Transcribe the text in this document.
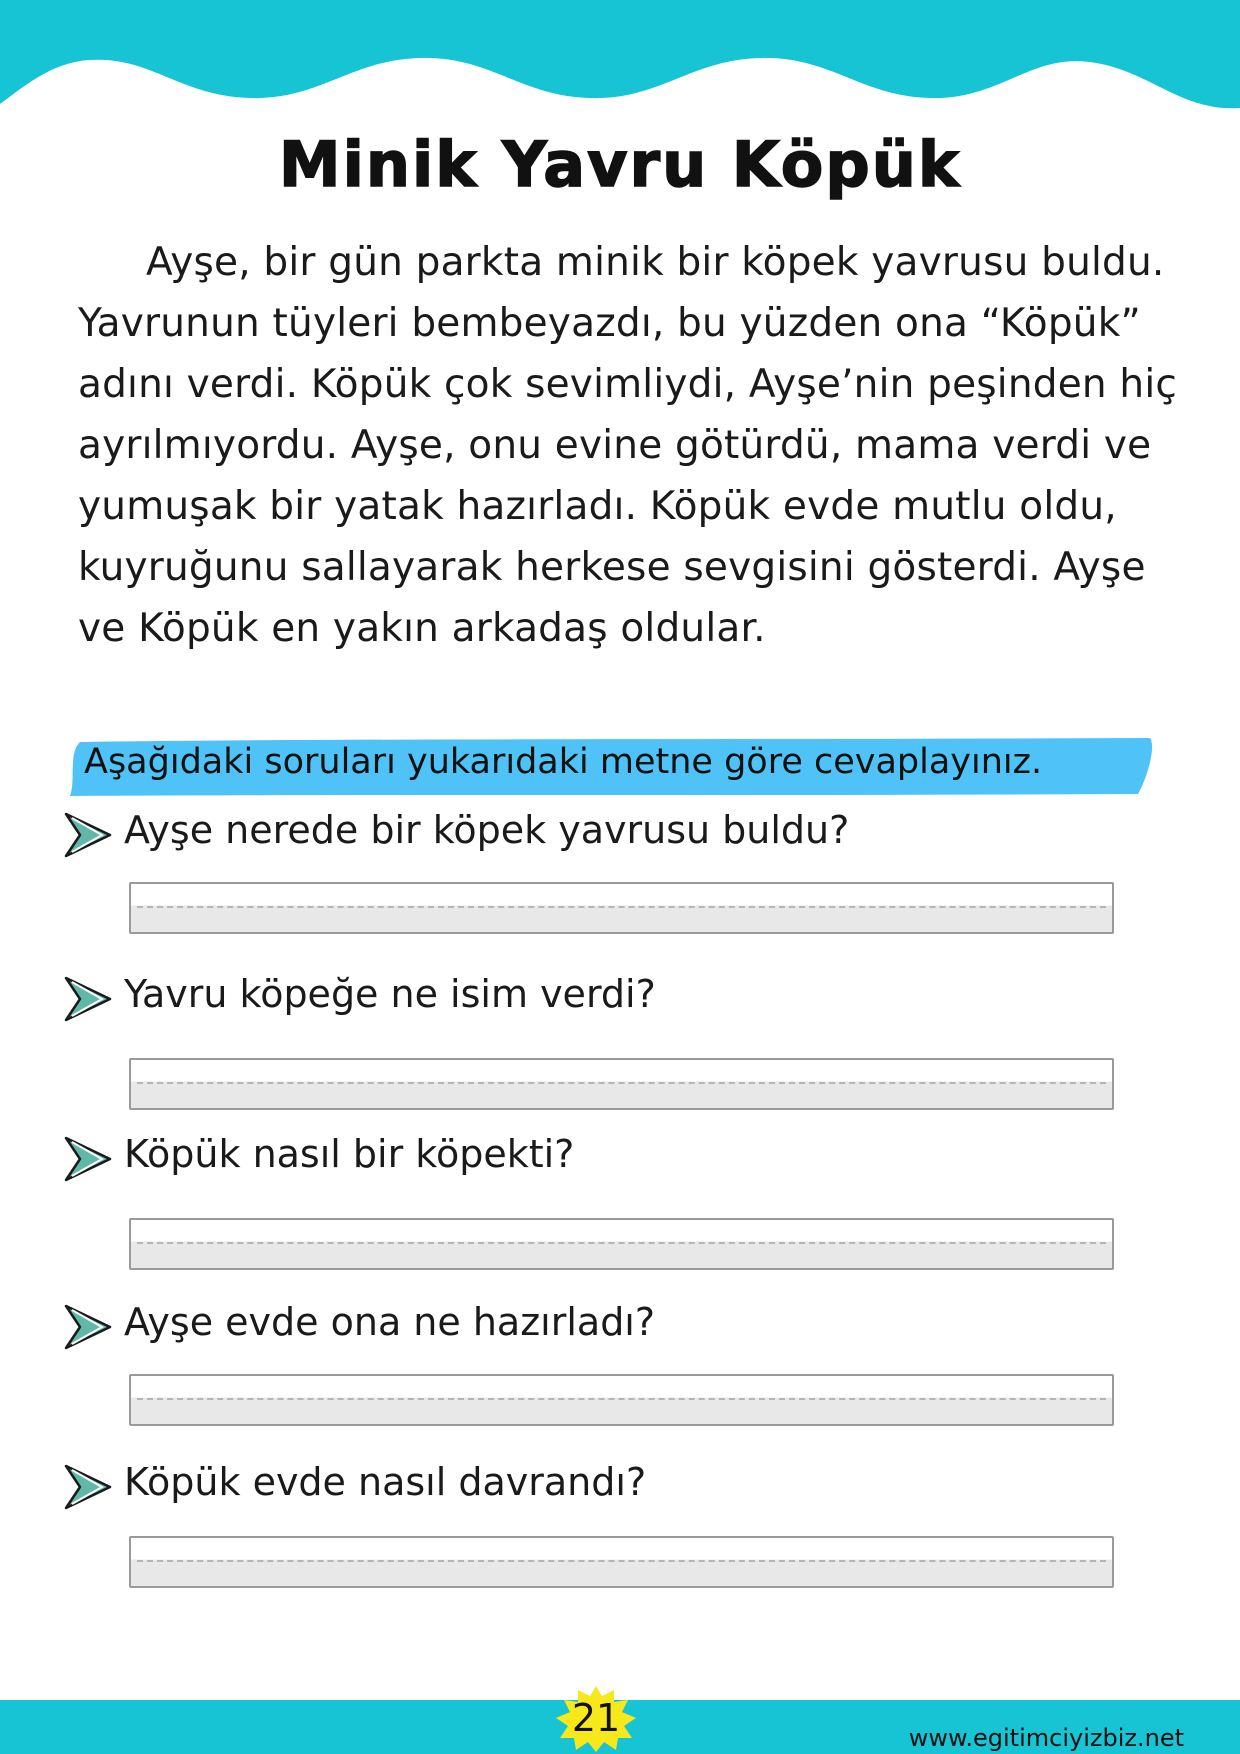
Minik Yavru Köpük

Ayşe, bir gün parkta minik bir köpek yavrusu buldu. Yavrunun tüyleri bembeyazdı, bu yüzden ona “Köpük” adını verdi. Köpük çok sevimliydi, Ayşe’nin peşinden hiç ayrılmıyordu. Ayşe, onu evine götürdü, mama verdi ve yumuşak bir yatak hazırladı. Köpük evde mutlu oldu, kuyruğunu sallayarak herkese sevgisini gösterdi. Ayşe ve Köpük en yakın arkadaş oldular.

Aşağıdaki soruları yukarıdaki metne göre cevaplayınız.
Ayşe nerede bir köpek yavrusu buldu?
Yavru köpeğe ne isim verdi?
Köpük nasıl bir köpekti?
Ayşe evde ona ne hazırladı?
Köpük evde nasıl davrandı?
21	www.egitimciyizbiz.net
